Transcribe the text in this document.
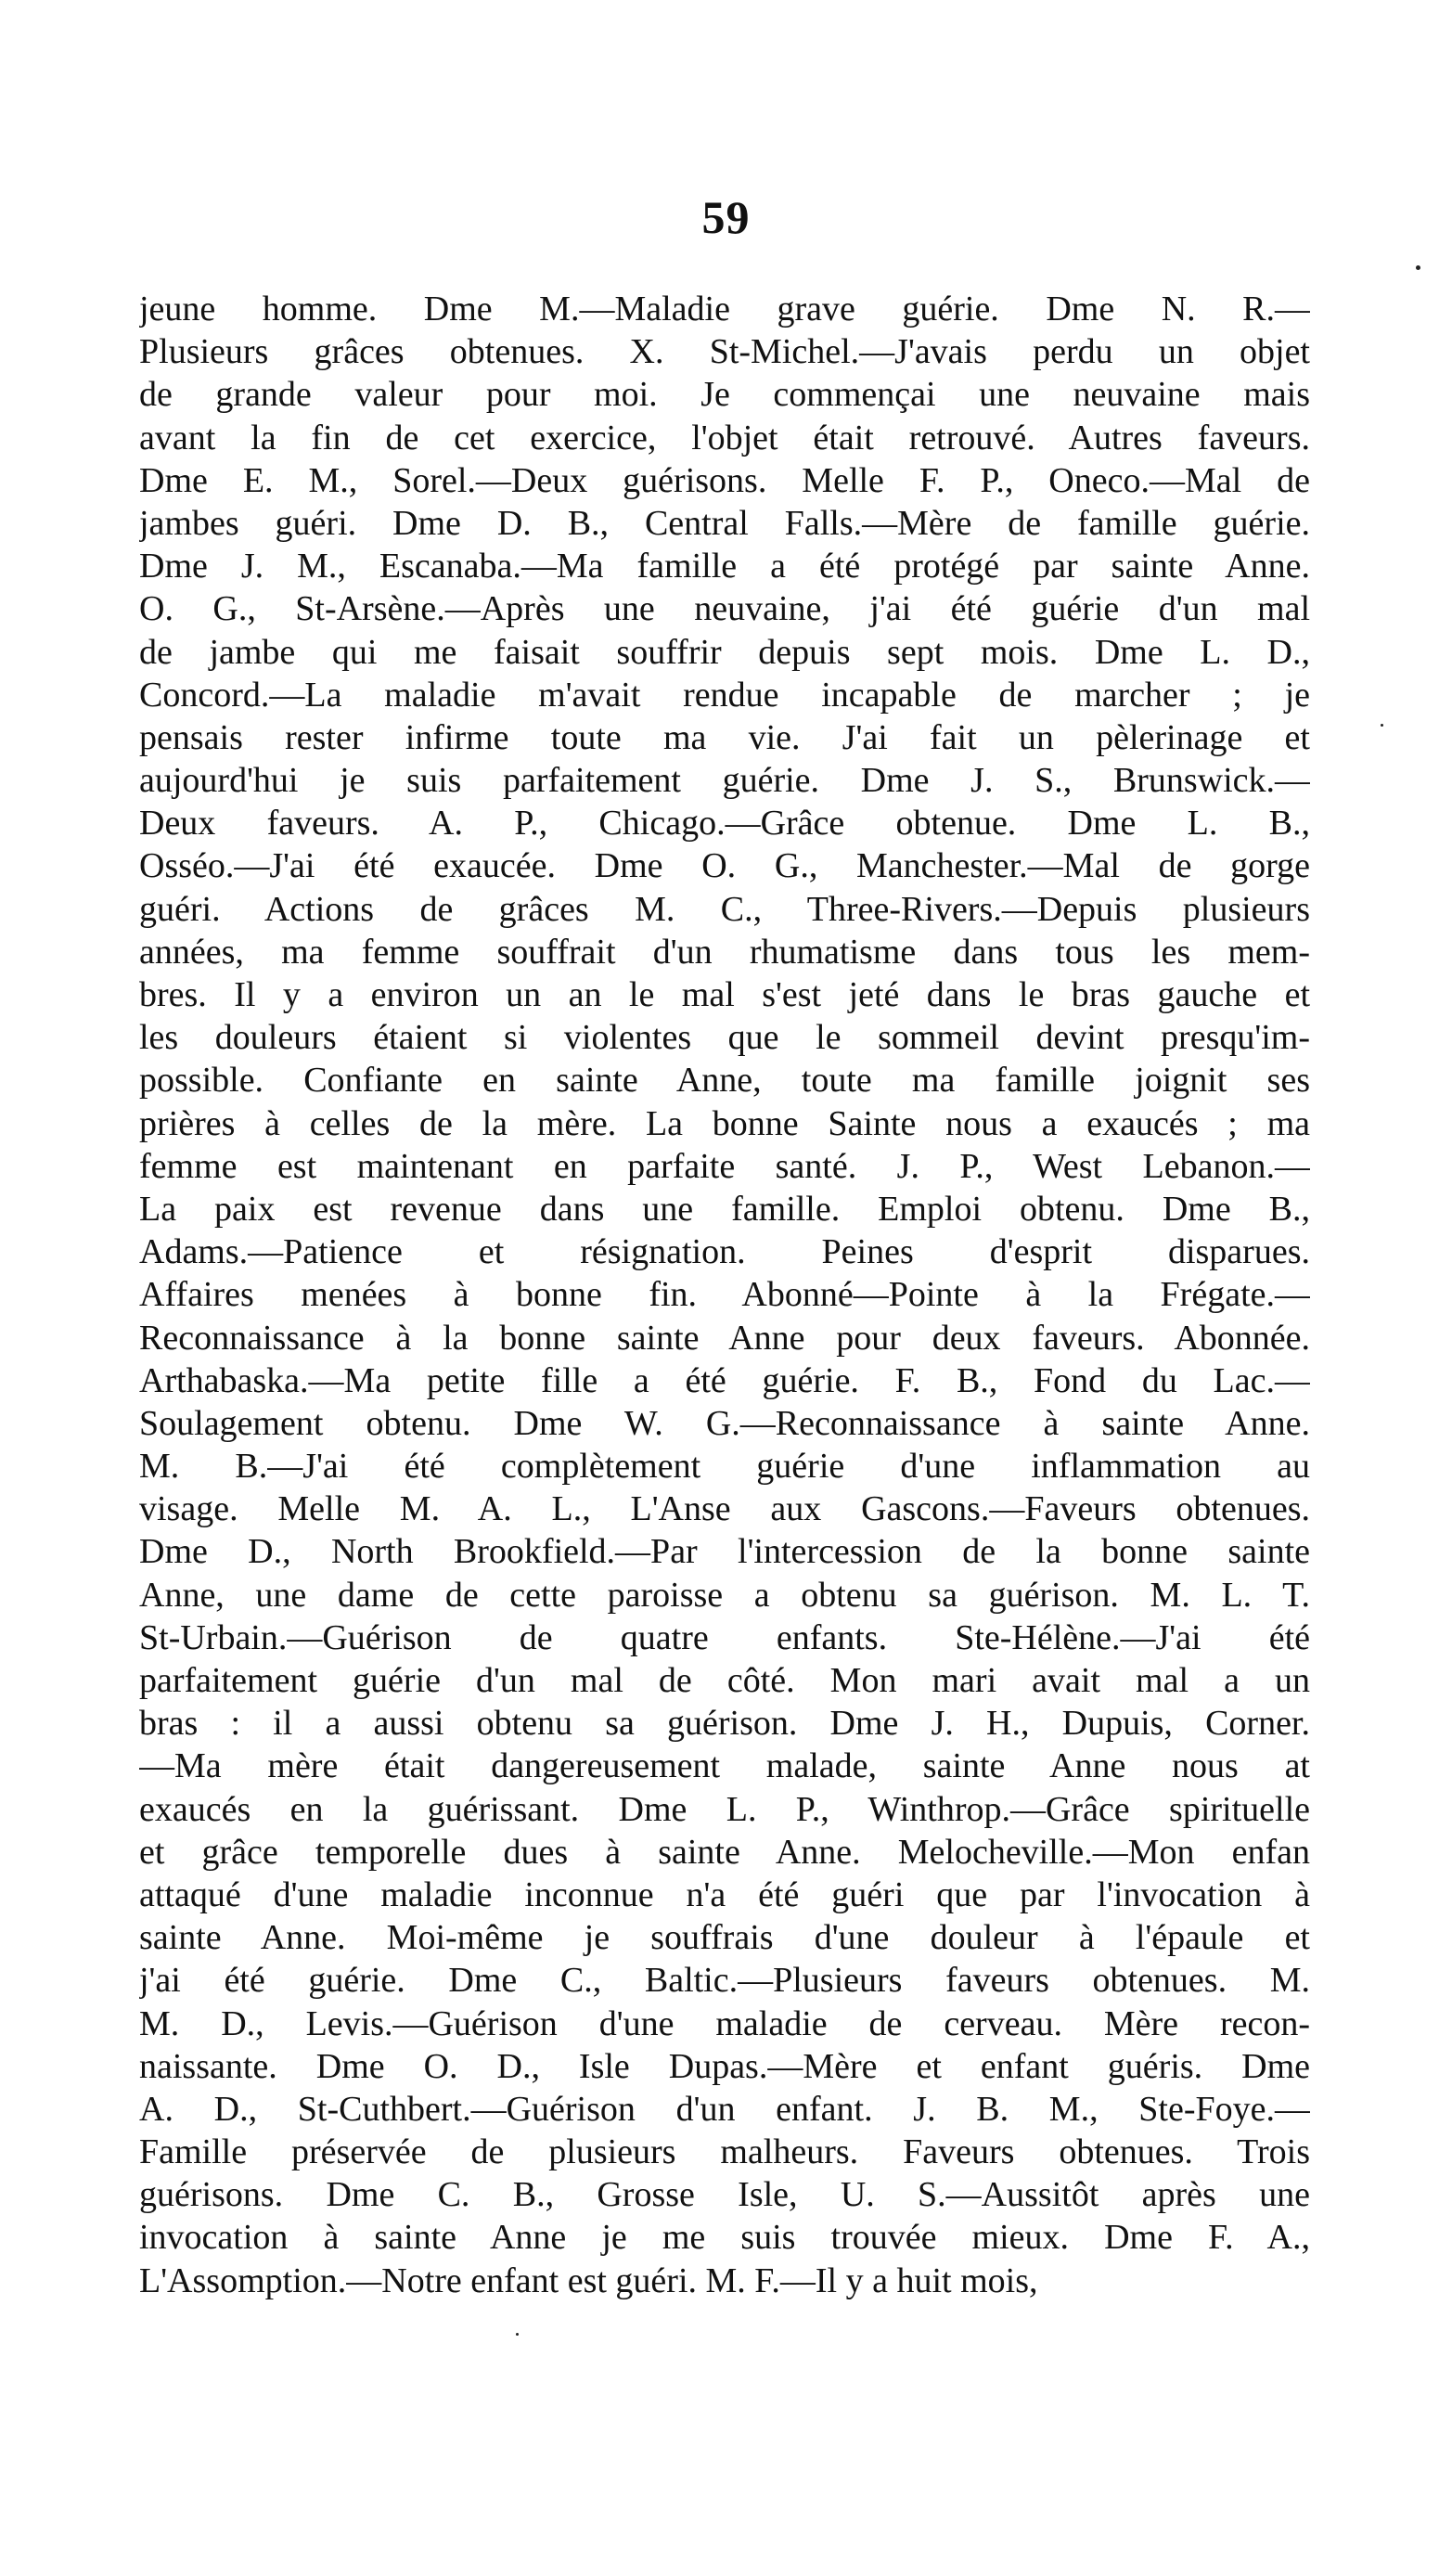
59
jeune homme. Dme M.—Maladie grave guérie. Dme N. R.—
Plusieurs grâces obtenues. X. St-Michel.—J'avais perdu un objet
de grande valeur pour moi. Je commençai une neuvaine mais
avant la fin de cet exercice, l'objet était retrouvé. Autres faveurs.
Dme E. M., Sorel.—Deux guérisons. Melle F. P., Oneco.—Mal de
jambes guéri. Dme D. B., Central Falls.—Mère de famille guérie.
Dme J. M., Escanaba.—Ma famille a été protégé par sainte Anne.
O. G., St-Arsène.—Après une neuvaine, j'ai été guérie d'un mal
de jambe qui me faisait souffrir depuis sept mois. Dme L. D.,
Concord.—La maladie m'avait rendue incapable de marcher ; je
pensais rester infirme toute ma vie. J'ai fait un pèlerinage et
aujourd'hui je suis parfaitement guérie. Dme J. S., Brunswick.—
Deux faveurs. A. P., Chicago.—Grâce obtenue. Dme L. B.,
Osséo.—J'ai été exaucée. Dme O. G., Manchester.—Mal de gorge
guéri. Actions de grâces M. C., Three-Rivers.—Depuis plusieurs
années, ma femme souffrait d'un rhumatisme dans tous les mem-
bres. Il y a environ un an le mal s'est jeté dans le bras gauche et
les douleurs étaient si violentes que le sommeil devint presqu'im-
possible. Confiante en sainte Anne, toute ma famille joignit ses
prières à celles de la mère. La bonne Sainte nous a exaucés ; ma
femme est maintenant en parfaite santé. J. P., West Lebanon.—
La paix est revenue dans une famille. Emploi obtenu. Dme B.,
Adams.—Patience et résignation. Peines d'esprit disparues.
Affaires menées à bonne fin. Abonné—Pointe à la Frégate.—
Reconnaissance à la bonne sainte Anne pour deux faveurs. Abonnée.
Arthabaska.—Ma petite fille a été guérie. F. B., Fond du Lac.—
Soulagement obtenu. Dme W. G.—Reconnaissance à sainte Anne.
M. B.—J'ai été complètement guérie d'une inflammation au
visage. Melle M. A. L., L'Anse aux Gascons.—Faveurs obtenues.
Dme D., North Brookfield.—Par l'intercession de la bonne sainte
Anne, une dame de cette paroisse a obtenu sa guérison. M. L. T.
St-Urbain.—Guérison de quatre enfants. Ste-Hélène.—J'ai été
parfaitement guérie d'un mal de côté. Mon mari avait mal a un
bras : il a aussi obtenu sa guérison. Dme J. H., Dupuis, Corner.
—Ma mère était dangereusement malade, sainte Anne nous at
exaucés en la guérissant. Dme L. P., Winthrop.—Grâce spirituelle
et grâce temporelle dues à sainte Anne. Melocheville.—Mon enfan
attaqué d'une maladie inconnue n'a été guéri que par l'invocation à
sainte Anne. Moi-même je souffrais d'une douleur à l'épaule et
j'ai été guérie. Dme C., Baltic.—Plusieurs faveurs obtenues. M.
M. D., Levis.—Guérison d'une maladie de cerveau. Mère recon-
naissante. Dme O. D., Isle Dupas.—Mère et enfant guéris. Dme
A. D., St-Cuthbert.—Guérison d'un enfant. J. B. M., Ste-Foye.—
Famille préservée de plusieurs malheurs. Faveurs obtenues. Trois
guérisons. Dme C. B., Grosse Isle, U. S.—Aussitôt après une
invocation à sainte Anne je me suis trouvée mieux. Dme F. A.,
L'Assomption.—Notre enfant est guéri. M. F.—Il y a huit mois,
